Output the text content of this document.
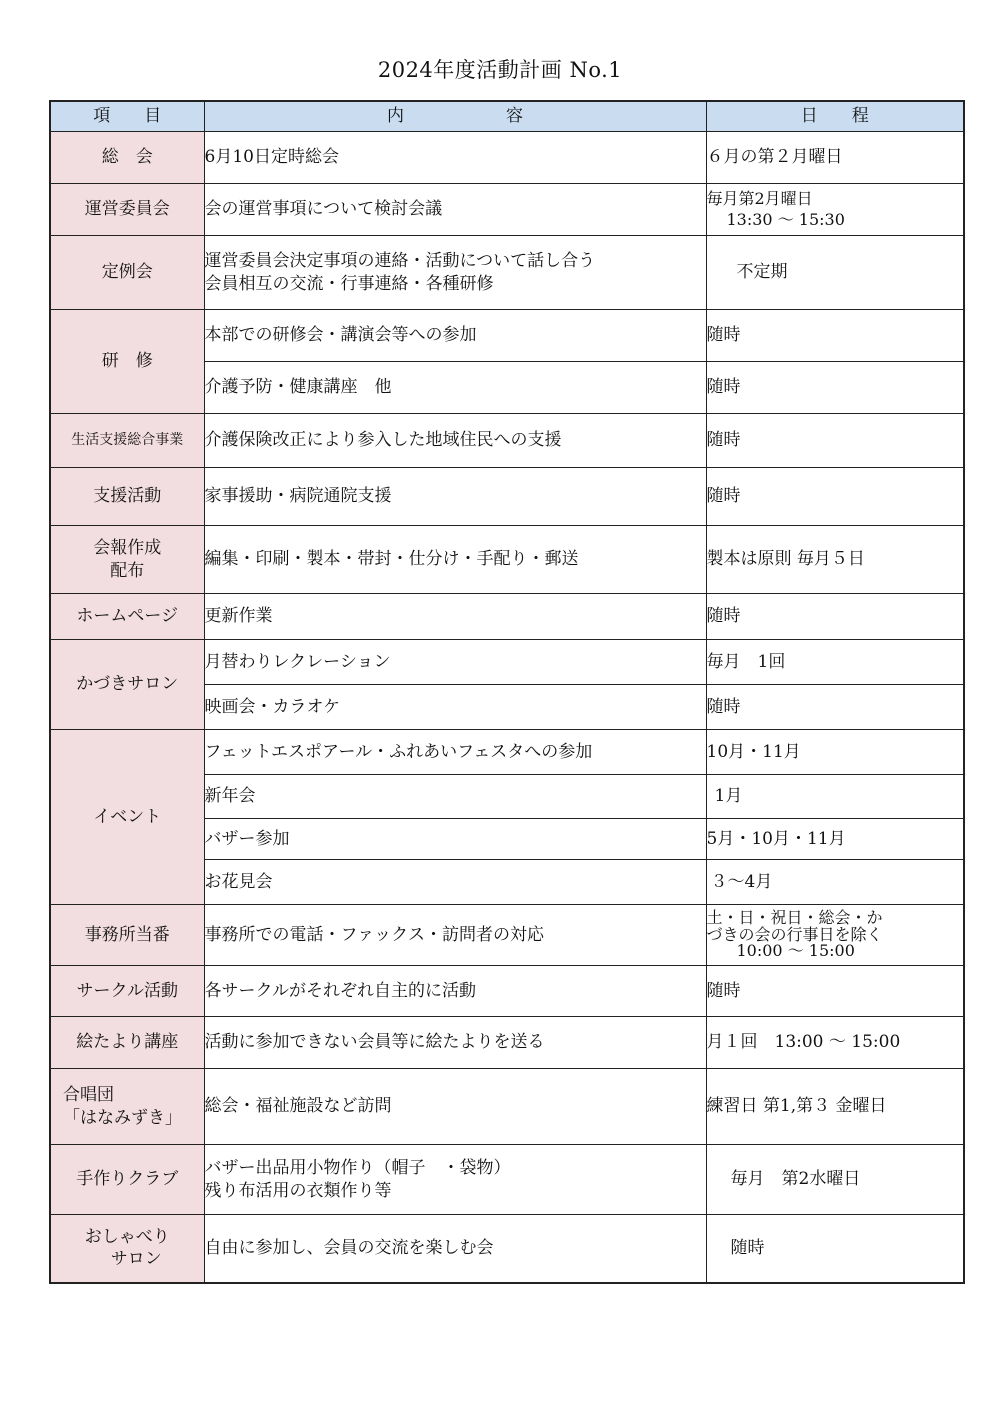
2024年度活動計画 No.1
項　　目	内　　　　　　容	日　　程
総　会	6月10日定時総会	６月の第２月曜日
運営委員会	会の運営事項について検討会議	毎月第2月曜日
13:30 ～ 15:30

定例会	運営委員会決定事項の連絡・活動について話し合う
会員相互の交流・行事連絡・各種研修	不定期
研　修	本部での研修会・講演会等への参加	随時
	介護予防・健康講座　他	随時
生活支援総合事業	介護保険改正により参入した地域住民への支援	随時
支援活動	家事援助・病院通院支援	随時

会報作成
配布	編集・印刷・製本・帯封・仕分け・手配り・郵送	製本は原則 毎月５日
ホームページ	更新作業	随時
かづきサロン	月替わりレクレーション	毎月　1回
	映画会・カラオケ	随時
イベント	フェットエスポアール・ふれあいフェスタへの参加	10月・11月
	新年会	1月
	バザー参加	5月・10月・11月
	お花見会	３～4月
事務所当番	事務所での電話・ファックス・訪問者の対応	土・日・祝日・総会・か
づきの会の行事日を除く
10:00 ～ 15:00

サークル活動	各サークルがそれぞれ自主的に活動	随時
絵たより講座	活動に参加できない会員等に絵たよりを送る	月１回　13:00 ～ 15:00

合唱団
「はなみずき」	総会・福祉施設など訪問	練習日 第1,第３ 金曜日
手作りクラブ	バザー出品用小物作り（帽子　・袋物）
残り布活用の衣類作り等	毎月　第2水曜日

おしゃべり
サロン	自由に参加し、会員の交流を楽しむ会	随時
